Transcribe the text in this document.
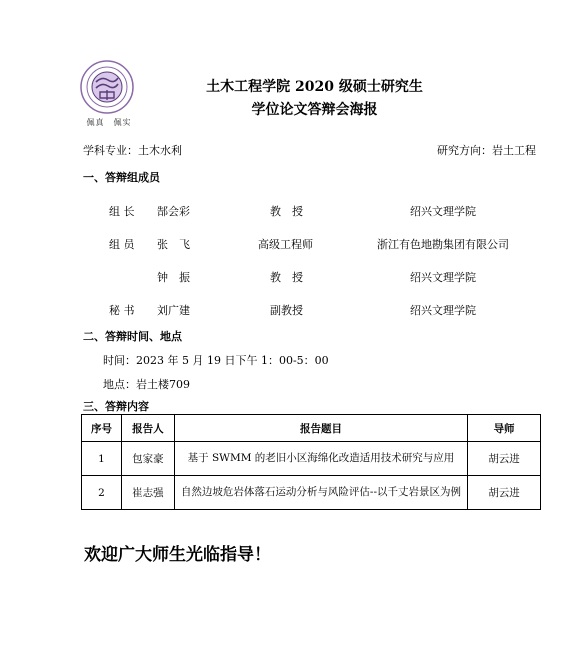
佩真　佩实
土木工程学院 2020 级硕士研究生
学位论文答辩会海报
学科专业：土木水利	研究方向：岩土工程
一、答辩组成员
组 长 郜会彩	教　授	绍兴文理学院
组 员 张　飞	高级工程师	浙江有色地勘集团有限公司
钟　振	教　授	绍兴文理学院
秘 书 刘广建	副教授	绍兴文理学院
二、答辩时间、地点
时间：2023 年 5 月 19 日下午 1：00-5：00
地点：岩土楼709
三、答辩内容
序号	报告人	报告题目	导师
1	包家豪	基于 SWMM 的老旧小区海绵化改造适用技术研究与应用	胡云进
2	崔志强	自然边坡危岩体落石运动分析与风险评估--以千丈岩景区为例	胡云进
欢迎广大师生光临指导！
